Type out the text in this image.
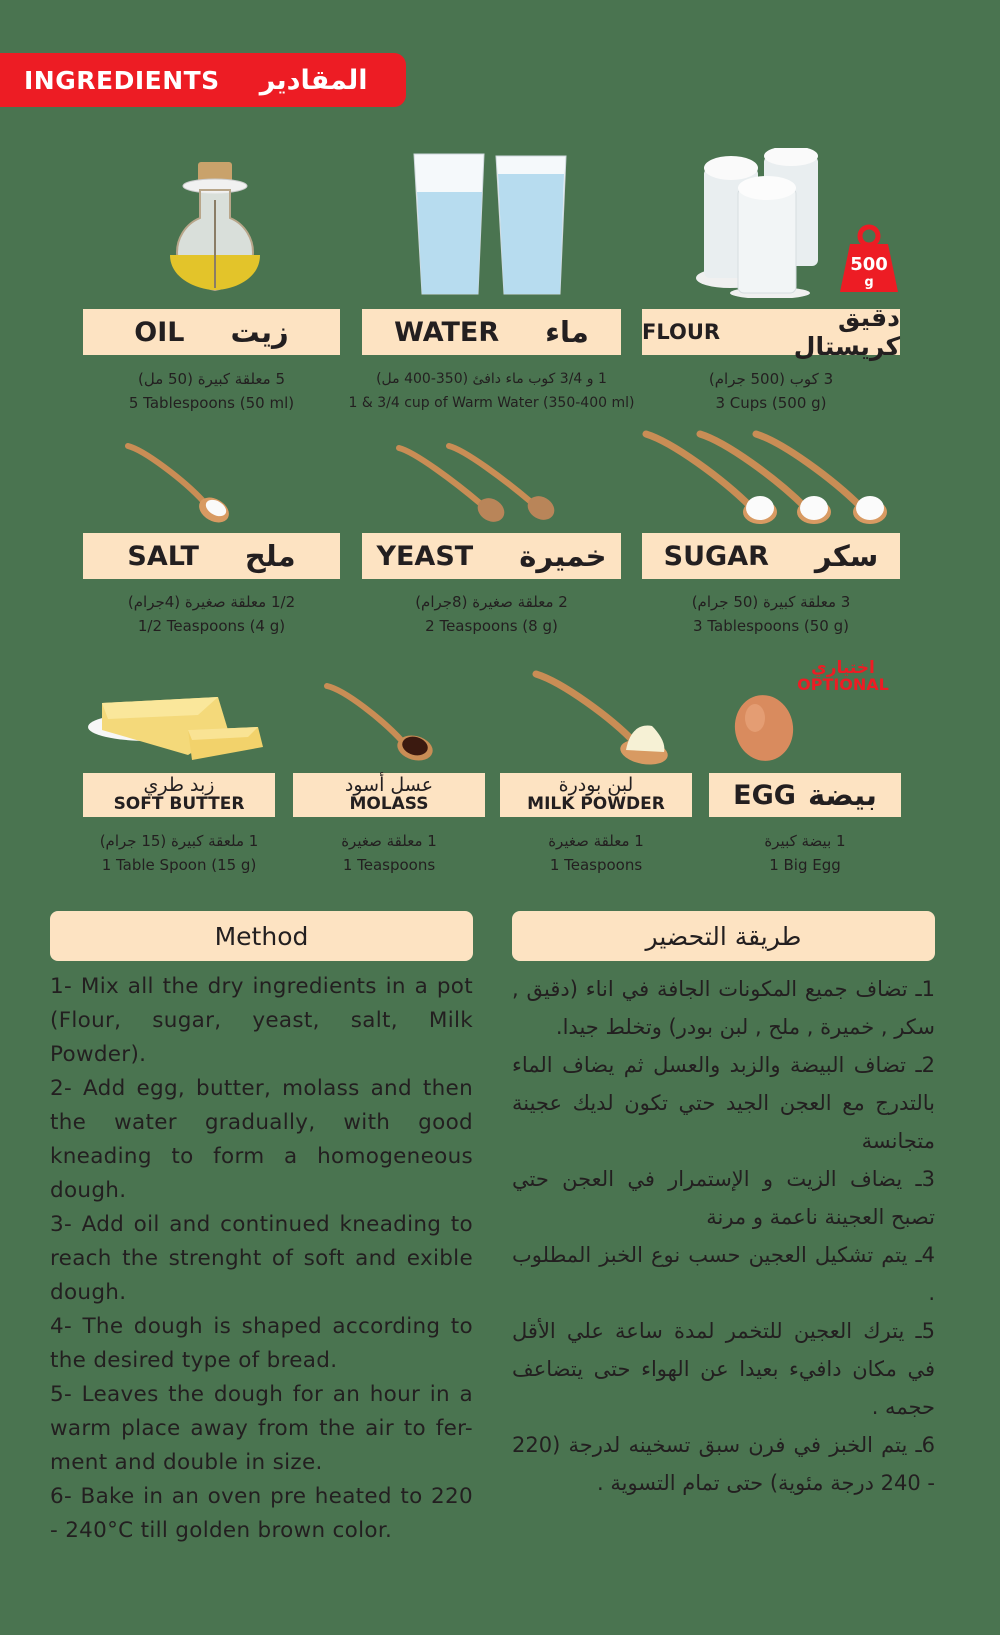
INGREDIENTS المقادير
OIL زيت
5 معلقة كبيرة (50 مل)
5 Tablespoons (50 ml)
WATER ماء
1 و 3/4 كوب ماء دافئ (350-400 مل)
1 & 3/4 cup of Warm Water (350-400 ml)
500
g
FLOUR	دقيق كريستال
3 كوب (500 جرام)
3 Cups (500 g)
SALT ملح
1/2 معلقة صغيرة (4جرام)
1/2 Teaspoons (4 g)
YEAST خميرة
2 معلقة صغيرة (8جرام)
2 Teaspoons (8 g)
SUGAR سكر
3 معلقة كبيرة (50 جرام)
3 Tablespoons (50 g)
زبد طري
SOFT BUTTER
1 ملعقة كبيرة (15 جرام)
1 Table Spoon (15 g)
عسل أسود
MOLASS
1 معلقة صغيرة
1 Teaspoons
لبن بودرة
MILK POWDER
1 معلقة صغيرة
1 Teaspoons
اختياري
OPTIONAL
EGG بيضة
1 بيضة كبيرة
1 Big Egg
Method	طريقة التحضير

1- Mix all the dry ingredients in a pot (Flour, sugar, yeast, salt, Milk Powder).

2- Add egg, butter, molass and then the water gradually, with good kneading to form a homogeneous dough.

3- Add oil and continued kneading to reach the strenght of soft and exible dough.

4- The dough is shaped according to the desired type of bread.

5- Leaves the dough for an hour in a warm place away from the air to fer-ment and double in size.

6- Bake in an oven pre heated to 220 - 240°C till golden brown color.

1ـ تضاف جميع المكونات الجافة في اناء (دقيق , سكر , خميرة , ملح , لبن بودر) وتخلط جيدا.

2ـ تضاف البيضة والزبد والعسل ثم يضاف الماء بالتدرج مع العجن الجيد حتي تكون لديك عجينة متجانسة

3ـ يضاف الزيت و الإستمرار في العجن حتي تصبح العجينة ناعمة و مرنة

4ـ يتم تشكيل العجين حسب نوع الخبز المطلوب .

5ـ يترك العجين للتخمر لمدة ساعة علي الأقل في مكان دافيء بعيدا عن الهواء حتى يتضاعف حجمه .

6ـ يتم الخبز في فرن سبق تسخينه لدرجة (220 - 240 درجة مئوية) حتى تمام التسوية .
